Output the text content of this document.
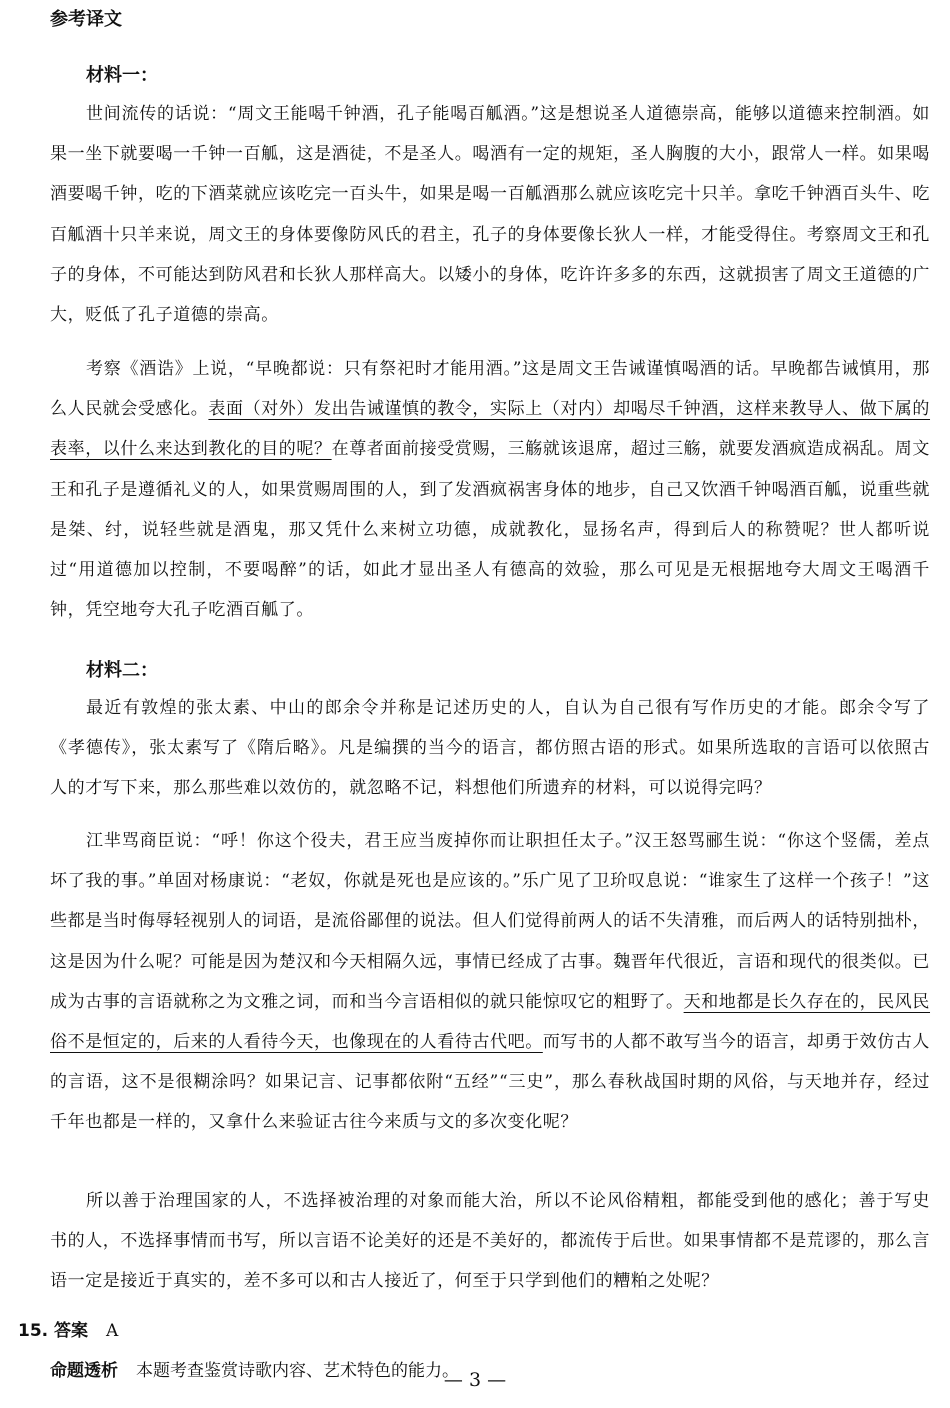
参考译文
材料一：

世间流传的话说：“周文王能喝千钟酒，孔子能喝百觚酒。”这是想说圣人道德崇高，能够以道德来控制酒。如果一坐下就要喝一千钟一百觚，这是酒徒，不是圣人。喝酒有一定的规矩，圣人胸腹的大小，跟常人一样。如果喝酒要喝千钟，吃的下酒菜就应该吃完一百头牛，如果是喝一百觚酒那么就应该吃完十只羊。拿吃千钟酒百头牛、吃百觚酒十只羊来说，周文王的身体要像防风氏的君主，孔子的身体要像长狄人一样，才能受得住。考察周文王和孔子的身体，不可能达到防风君和长狄人那样高大。以矮小的身体，吃许许多多的东西，这就损害了周文王道德的广大，贬低了孔子道德的崇高。

考察《酒诰》上说，“早晚都说：只有祭祀时才能用酒。”这是周文王告诫谨慎喝酒的话。早晚都告诫慎用，那么人民就会受感化。表面（对外）发出告诫谨慎的教令，实际上（对内）却喝尽千钟酒，这样来教导人、做下属的表率，以什么来达到教化的目的呢？在尊者面前接受赏赐，三觞就该退席，超过三觞，就要发酒疯造成祸乱。周文王和孔子是遵循礼义的人，如果赏赐周围的人，到了发酒疯祸害身体的地步，自己又饮酒千钟喝酒百觚，说重些就是桀、纣，说轻些就是酒鬼，那又凭什么来树立功德，成就教化，显扬名声，得到后人的称赞呢？世人都听说过“用道德加以控制，不要喝醉”的话，如此才显出圣人有德高的效验，那么可见是无根据地夸大周文王喝酒千钟，凭空地夸大孔子吃酒百觚了。

材料二：

最近有敦煌的张太素、中山的郎余令并称是记述历史的人，自认为自己很有写作历史的才能。郎余令写了《孝德传》，张太素写了《隋后略》。凡是编撰的当今的语言，都仿照古语的形式。如果所选取的言语可以依照古人的才写下来，那么那些难以效仿的，就忽略不记，料想他们所遗弃的材料，可以说得完吗？

江芈骂商臣说：“呼！你这个役夫，君王应当废掉你而让职担任太子。”汉王怒骂郦生说：“你这个竖儒，差点坏了我的事。”单固对杨康说：“老奴，你就是死也是应该的。”乐广见了卫玠叹息说：“谁家生了这样一个孩子！”这些都是当时侮辱轻视别人的词语，是流俗鄙俚的说法。但人们觉得前两人的话不失清雅，而后两人的话特别拙朴，这是因为什么呢？可能是因为楚汉和今天相隔久远，事情已经成了古事。魏晋年代很近，言语和现代的很类似。已成为古事的言语就称之为文雅之词，而和当今言语相似的就只能惊叹它的粗野了。天和地都是长久存在的，民风民俗不是恒定的，后来的人看待今天，也像现在的人看待古代吧。而写书的人都不敢写当今的语言，却勇于效仿古人的言语，这不是很糊涂吗？如果记言、记事都依附“五经”“三史”，那么春秋战国时期的风俗，与天地并存，经过千年也都是一样的，又拿什么来验证古往今来质与文的多次变化呢？

所以善于治理国家的人，不选择被治理的对象而能大治，所以不论风俗精粗，都能受到他的感化；善于写史书的人，不选择事情而书写，所以言语不论美好的还是不美好的，都流传于后世。如果事情都不是荒谬的，那么言语一定是接近于真实的，差不多可以和古人接近了，何至于只学到他们的糟粕之处呢？

15. 答案 A
命题透析 本题考查鉴赏诗歌内容、艺术特色的能力。
— 3 —
